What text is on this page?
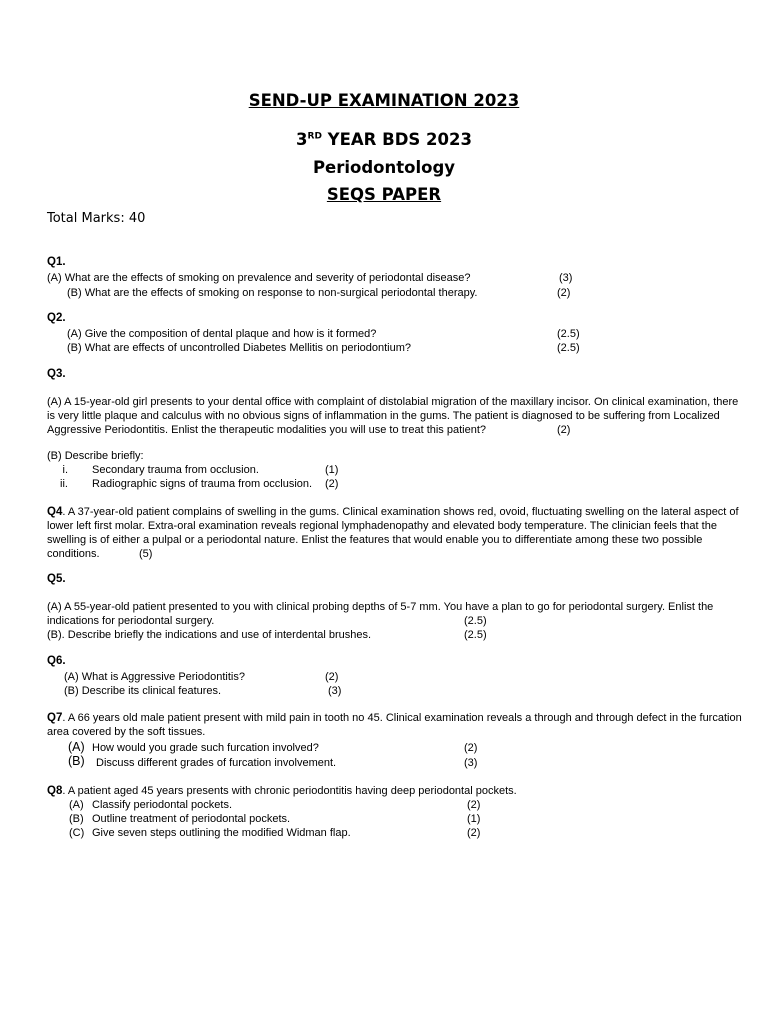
SEND-UP EXAMINATION 2023
3RD YEAR BDS 2023
Periodontology
SEQS PAPER
Total Marks: 40
Q1.
(A) What are the effects of smoking on prevalence and severity of periodontal disease?	(3)
(B) What are the effects of smoking on response to non-surgical periodontal therapy.	(2)
Q2.
(A) Give the composition of dental plaque and how is it formed?	(2.5)
(B) What are effects of uncontrolled Diabetes Mellitis on periodontium?	(2.5)
Q3.
(A) A 15-year-old girl presents to your dental office with complaint of distolabial migration of the maxillary incisor. On clinical examination, there
is very little plaque and calculus with no obvious signs of inflammation in the gums. The patient is diagnosed to be suffering from Localized
Aggressive Periodontitis. Enlist the therapeutic modalities you will use to treat this patient?	(2)
(B) Describe briefly:
i. Secondary trauma from occlusion.	(1)
ii. Radiographic signs of trauma from occlusion. (2)
Q4. A 37-year-old patient complains of swelling in the gums. Clinical examination shows red, ovoid, fluctuating swelling on the lateral aspect of
lower left first molar. Extra-oral examination reveals regional lymphadenopathy and elevated body temperature. The clinician feels that the
swelling is of either a pulpal or a periodontal nature. Enlist the features that would enable you to differentiate among these two possible
conditions.	(5)
Q5.
(A) A 55-year-old patient presented to you with clinical probing depths of 5-7 mm. You have a plan to go for periodontal surgery. Enlist the
indications for periodontal surgery.	(2.5)
(B). Describe briefly the indications and use of interdental brushes.	(2.5)
Q6.
(A) What is Aggressive Periodontitis?	(2)
(B) Describe its clinical features.	(3)
Q7. A 66 years old male patient present with mild pain in tooth no 45. Clinical examination reveals a through and through defect in the furcation
area covered by the soft tissues.
(A) How would you grade such furcation involved?	(2)
(B) Discuss different grades of furcation involvement.	(3)
Q8. A patient aged 45 years presents with chronic periodontitis having deep periodontal pockets.
(A) Classify periodontal pockets.	(2)
(B) Outline treatment of periodontal pockets.	(1)
(C) Give seven steps outlining the modified Widman flap.	(2)
